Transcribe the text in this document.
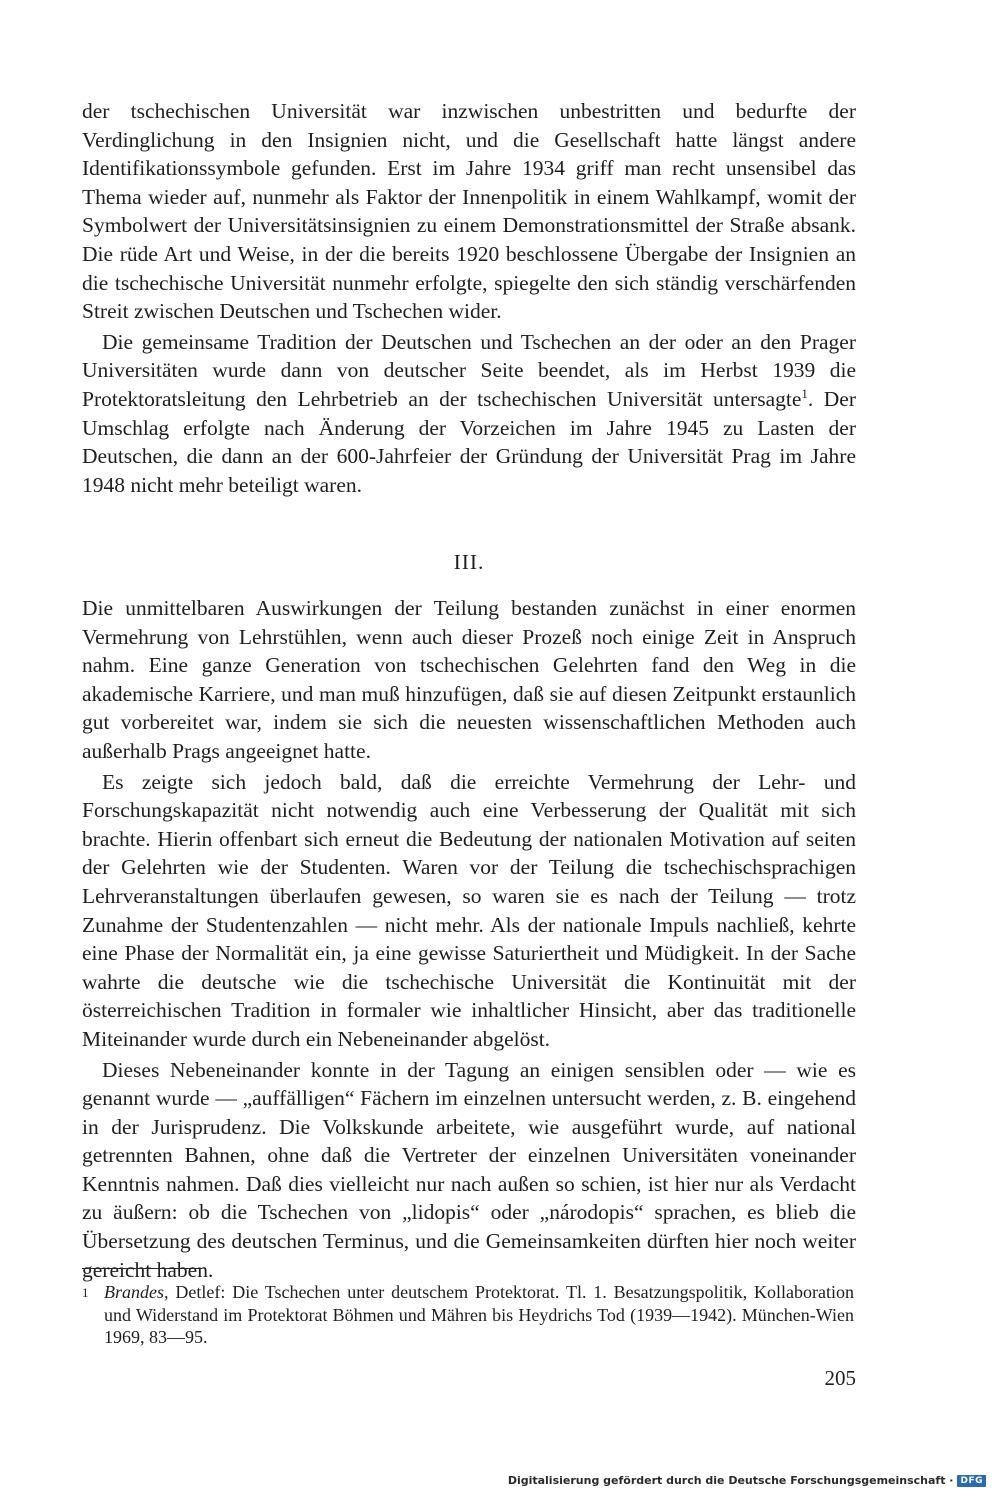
der tschechischen Universität war inzwischen unbestritten und bedurfte der Verdinglichung in den Insignien nicht, und die Gesellschaft hatte längst andere Identifikationssymbole gefunden. Erst im Jahre 1934 griff man recht unsensibel das Thema wieder auf, nunmehr als Faktor der Innenpolitik in einem Wahlkampf, womit der Symbolwert der Universitätsinsignien zu einem Demonstrationsmittel der Straße absank. Die rüde Art und Weise, in der die bereits 1920 beschlossene Übergabe der Insignien an die tschechische Universität nunmehr erfolgte, spiegelte den sich ständig verschärfenden Streit zwischen Deutschen und Tschechen wider.

Die gemeinsame Tradition der Deutschen und Tschechen an der oder an den Prager Universitäten wurde dann von deutscher Seite beendet, als im Herbst 1939 die Protektoratsleitung den Lehrbetrieb an der tschechischen Universität untersagte$^1$. Der Umschlag erfolgte nach Änderung der Vorzeichen im Jahre 1945 zu Lasten der Deutschen, die dann an der 600-Jahrfeier der Gründung der Universität Prag im Jahre 1948 nicht mehr beteiligt waren.

III.

Die unmittelbaren Auswirkungen der Teilung bestanden zunächst in einer enormen Vermehrung von Lehrstühlen, wenn auch dieser Prozeß noch einige Zeit in Anspruch nahm. Eine ganze Generation von tschechischen Gelehrten fand den Weg in die akademische Karriere, und man muß hinzufügen, daß sie auf diesen Zeitpunkt erstaunlich gut vorbereitet war, indem sie sich die neuesten wissenschaftlichen Methoden auch außerhalb Prags angeeignet hatte.

Es zeigte sich jedoch bald, daß die erreichte Vermehrung der Lehr- und Forschungskapazität nicht notwendig auch eine Verbesserung der Qualität mit sich brachte. Hierin offenbart sich erneut die Bedeutung der nationalen Motivation auf seiten der Gelehrten wie der Studenten. Waren vor der Teilung die tschechischsprachigen Lehrveranstaltungen überlaufen gewesen, so waren sie es nach der Teilung — trotz Zunahme der Studentenzahlen — nicht mehr. Als der nationale Impuls nachließ, kehrte eine Phase der Normalität ein, ja eine gewisse Saturiertheit und Müdigkeit. In der Sache wahrte die deutsche wie die tschechische Universität die Kontinuität mit der österreichischen Tradition in formaler wie inhaltlicher Hinsicht, aber das traditionelle Miteinander wurde durch ein Nebeneinander abgelöst.

Dieses Nebeneinander konnte in der Tagung an einigen sensiblen oder — wie es genannt wurde — „auffälligen“ Fächern im einzelnen untersucht werden, z. B. eingehend in der Jurisprudenz. Die Volkskunde arbeitete, wie ausgeführt wurde, auf national getrennten Bahnen, ohne daß die Vertreter der einzelnen Universitäten voneinander Kenntnis nahmen. Daß dies vielleicht nur nach außen so schien, ist hier nur als Verdacht zu äußern: ob die Tschechen von „lidopis“ oder „národopis“ sprachen, es blieb die Übersetzung des deutschen Terminus, und die Gemeinsamkeiten dürften hier noch weiter gereicht haben.

1 Brandes, Detlef: Die Tschechen unter deutschem Protektorat. Tl. 1. Besatzungspolitik, Kollaboration und Widerstand im Protektorat Böhmen und Mähren bis Heydrichs Tod (1939—1942). München-Wien 1969, 83—95.
205
Digitalisierung gefördert durch die Deutsche Forschungsgemeinschaft · DFG
